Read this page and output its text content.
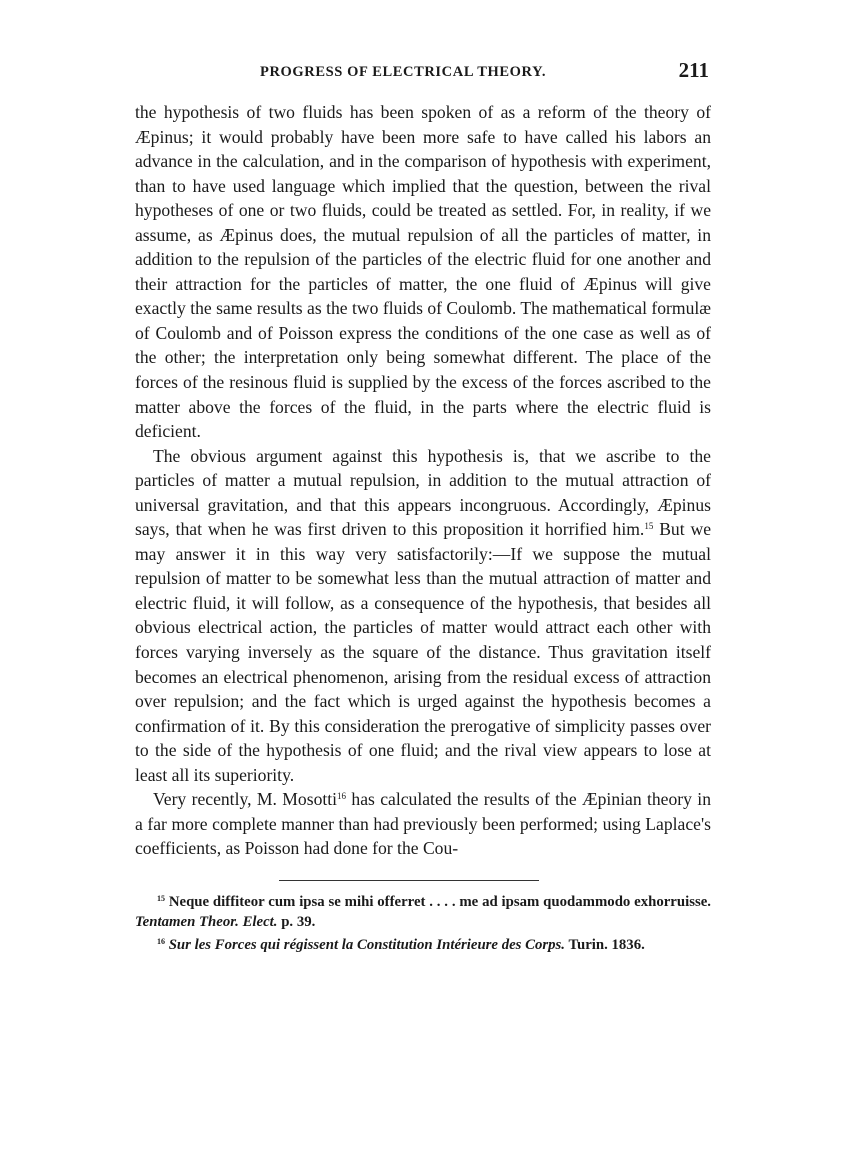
PROGRESS OF ELECTRICAL THEORY.	211

the hypothesis of two fluids has been spoken of as a reform of the theory of Æpinus; it would probably have been more safe to have called his labors an advance in the calculation, and in the comparison of hypothesis with experiment, than to have used language which implied that the question, between the rival hypotheses of one or two fluids, could be treated as settled. For, in reality, if we assume, as Æpinus does, the mutual repulsion of all the particles of matter, in addition to the repulsion of the particles of the electric fluid for one another and their attraction for the particles of matter, the one fluid of Æpinus will give exactly the same results as the two fluids of Coulomb. The mathematical formulæ of Coulomb and of Poisson express the conditions of the one case as well as of the other; the interpretation only being somewhat different. The place of the forces of the resinous fluid is supplied by the excess of the forces ascribed to the matter above the forces of the fluid, in the parts where the electric fluid is deficient.

The obvious argument against this hypothesis is, that we ascribe to the particles of matter a mutual repulsion, in addition to the mutual attraction of universal gravitation, and that this appears incongruous. Accordingly, Æpinus says, that when he was first driven to this proposition it horrified him.$^{15}$ But we may answer it in this way very satisfactorily:—If we suppose the mutual repulsion of matter to be somewhat less than the mutual attraction of matter and electric fluid, it will follow, as a consequence of the hypothesis, that besides all obvious electrical action, the particles of matter would attract each other with forces varying inversely as the square of the distance. Thus gravitation itself becomes an electrical phenomenon, arising from the residual excess of attraction over repulsion; and the fact which is urged against the hypothesis becomes a confirmation of it. By this consideration the prerogative of simplicity passes over to the side of the hypothesis of one fluid; and the rival view appears to lose at least all its superiority.

Very recently, M. Mosotti$^{16}$ has calculated the results of the Æpinian theory in a far more complete manner than had previously been performed; using Laplace's coefficients, as Poisson had done for the Cou-

$^{15}$ Neque diffiteor cum ipsa se mihi offerret . . . . me ad ipsam quodammodo exhorruisse. Tentamen Theor. Elect. p. 39.

$^{16}$ Sur les Forces qui régissent la Constitution Intérieure des Corps. Turin. 1836.
